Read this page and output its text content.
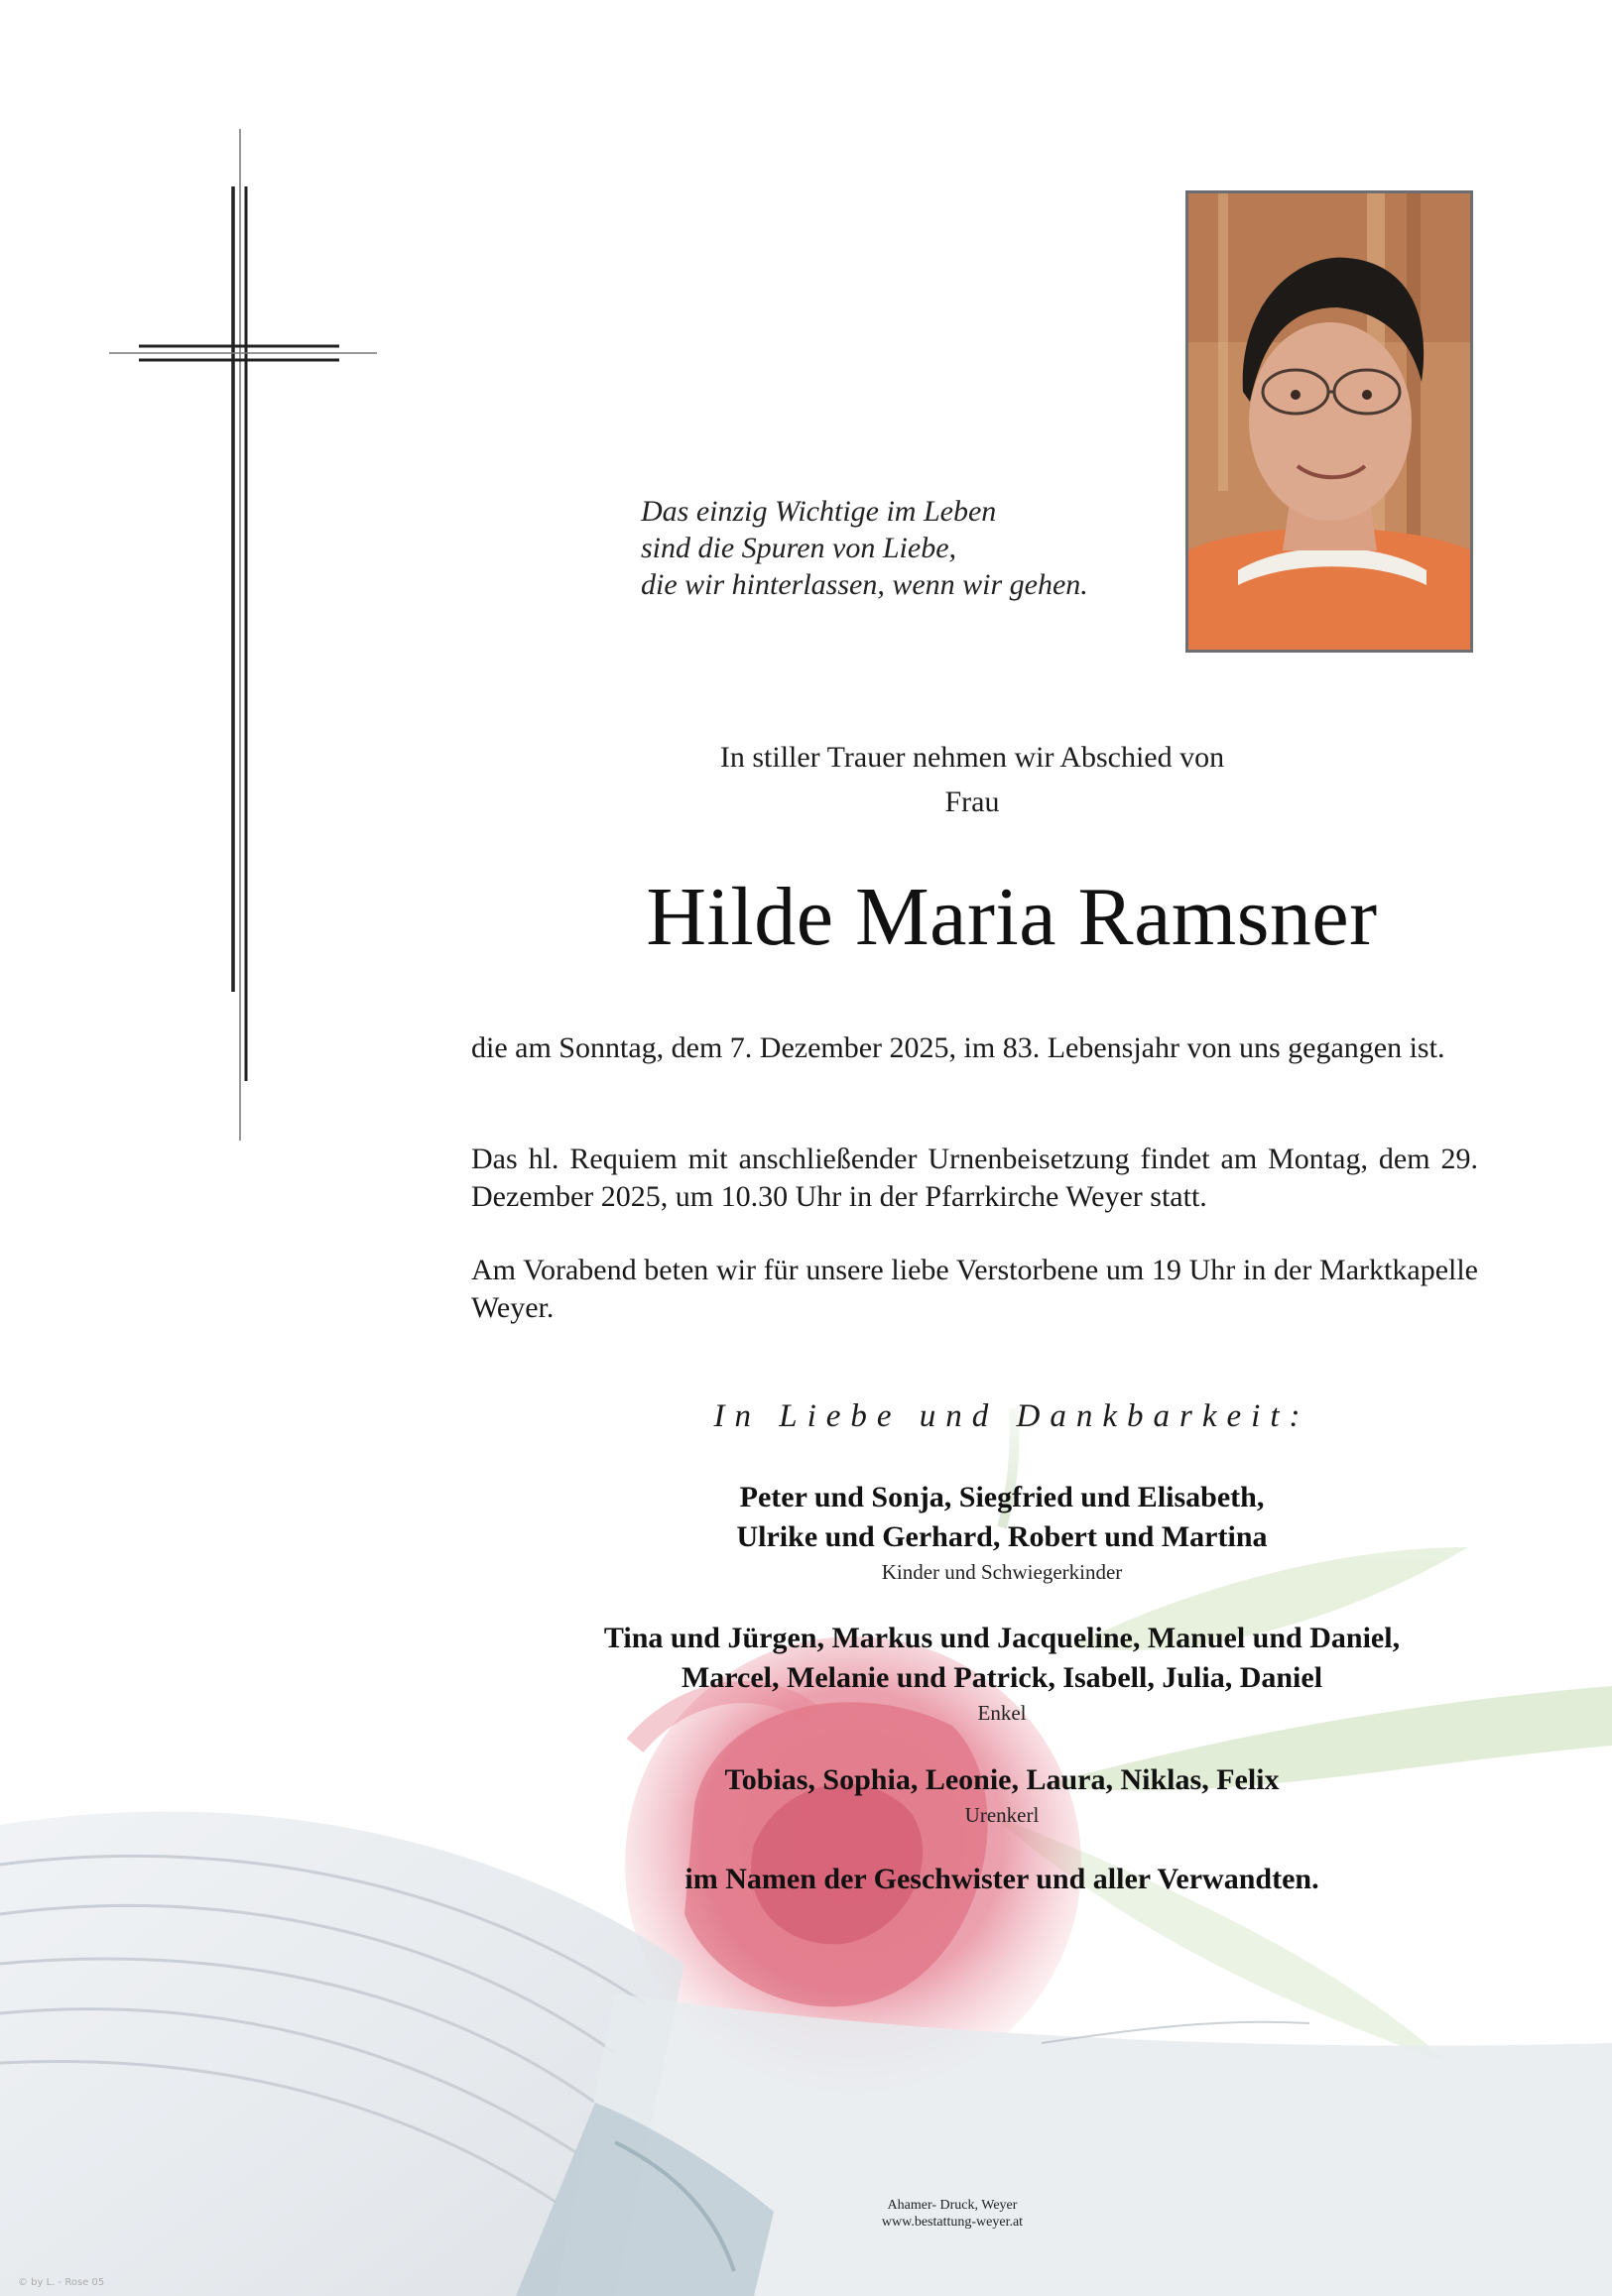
Das einzig Wichtige im Leben
sind die Spuren von Liebe,
die wir hinterlassen, wenn wir gehen.
In stiller Trauer nehmen wir Abschied von
Frau
Hilde Maria Ramsner
die am Sonntag, dem 7. Dezember 2025, im 83. Lebensjahr von uns gegangen ist.
Das hl. Requiem mit anschließender Urnenbeisetzung findet am Montag, dem 29. Dezember 2025, um 10.30 Uhr in der Pfarrkirche Weyer statt.
Am Vorabend beten wir für unsere liebe Verstorbene um 19 Uhr in der Marktkapelle Weyer.
In Liebe und Dankbarkeit:
Peter und Sonja, Siegfried und Elisabeth,
Ulrike und Gerhard, Robert und Martina
Kinder und Schwiegerkinder
Tina und Jürgen, Markus und Jacqueline, Manuel und Daniel,
Marcel, Melanie und Patrick, Isabell, Julia, Daniel
Enkel
Tobias, Sophia, Leonie, Laura, Niklas, Felix
Urenkerl
im Namen der Geschwister und aller Verwandten.
Ahamer- Druck, Weyer
www.bestattung-weyer.at
© by L. - Rose 05
